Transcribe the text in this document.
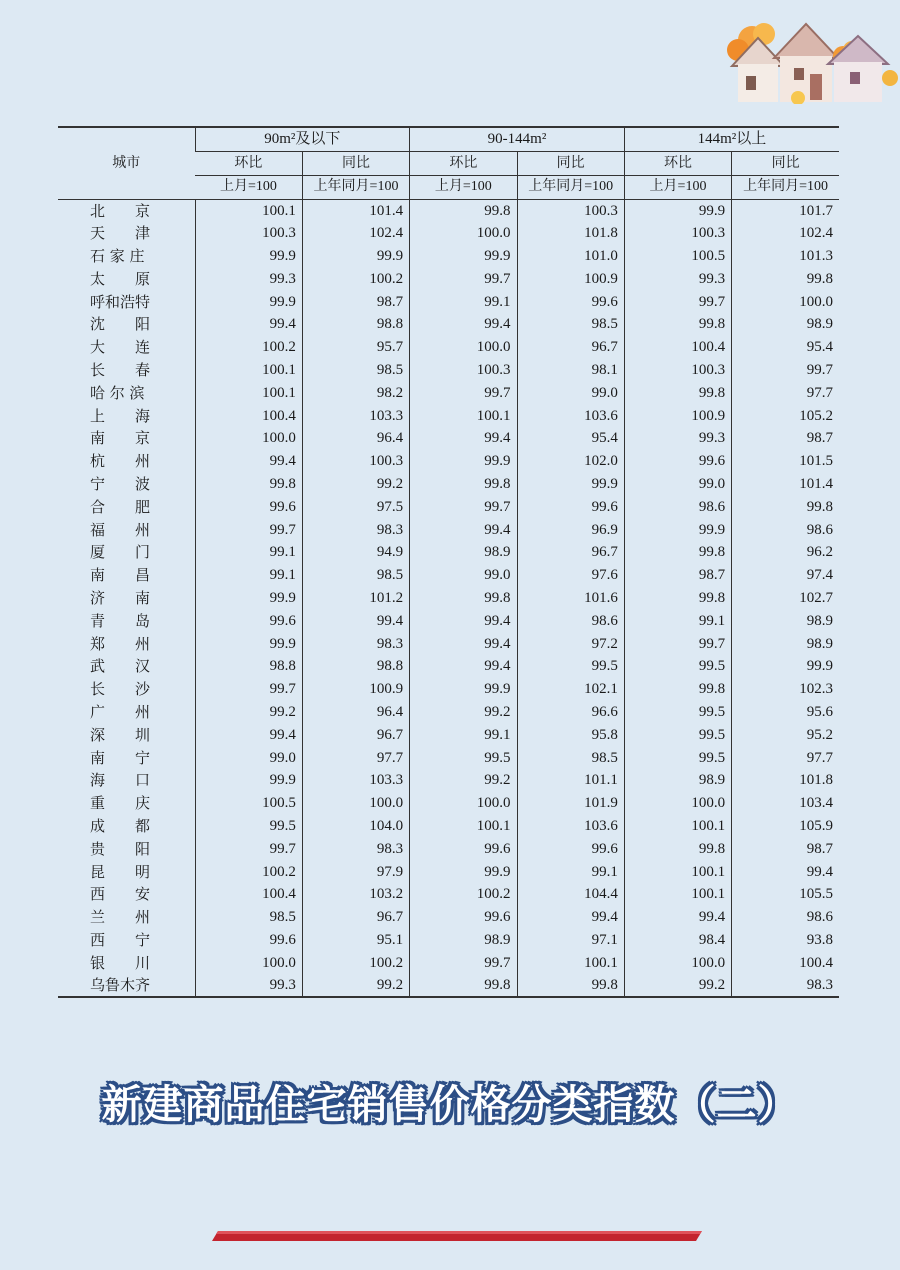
城市	90m²及以下		90-144m²		144m²以上	
	环比	同比	环比	同比	环比	同比
	上月=100	上年同月=100	上月=100	上年同月=100	上月=100	上年同月=100
北　　京	100.1	101.4	99.8	100.3	99.9	101.7
天　　津	100.3	102.4	100.0	101.8	100.3	102.4
石 家 庄	99.9	99.9	99.9	101.0	100.5	101.3
太　　原	99.3	100.2	99.7	100.9	99.3	99.8
呼和浩特	99.9	98.7	99.1	99.6	99.7	100.0
沈　　阳	99.4	98.8	99.4	98.5	99.8	98.9
大　　连	100.2	95.7	100.0	96.7	100.4	95.4
长　　春	100.1	98.5	100.3	98.1	100.3	99.7
哈 尔 滨	100.1	98.2	99.7	99.0	99.8	97.7
上　　海	100.4	103.3	100.1	103.6	100.9	105.2
南　　京	100.0	96.4	99.4	95.4	99.3	98.7
杭　　州	99.4	100.3	99.9	102.0	99.6	101.5
宁　　波	99.8	99.2	99.8	99.9	99.0	101.4
合　　肥	99.6	97.5	99.7	99.6	98.6	99.8
福　　州	99.7	98.3	99.4	96.9	99.9	98.6
厦　　门	99.1	94.9	98.9	96.7	99.8	96.2
南　　昌	99.1	98.5	99.0	97.6	98.7	97.4
济　　南	99.9	101.2	99.8	101.6	99.8	102.7
青　　岛	99.6	99.4	99.4	98.6	99.1	98.9
郑　　州	99.9	98.3	99.4	97.2	99.7	98.9
武　　汉	98.8	98.8	99.4	99.5	99.5	99.9
长　　沙	99.7	100.9	99.9	102.1	99.8	102.3
广　　州	99.2	96.4	99.2	96.6	99.5	95.6
深　　圳	99.4	96.7	99.1	95.8	99.5	95.2
南　　宁	99.0	97.7	99.5	98.5	99.5	97.7
海　　口	99.9	103.3	99.2	101.1	98.9	101.8
重　　庆	100.5	100.0	100.0	101.9	100.0	103.4
成　　都	99.5	104.0	100.1	103.6	100.1	105.9
贵　　阳	99.7	98.3	99.6	99.6	99.8	98.7
昆　　明	100.2	97.9	99.9	99.1	100.1	99.4
西　　安	100.4	103.2	100.2	104.4	100.1	105.5
兰　　州	98.5	96.7	99.6	99.4	99.4	98.6
西　　宁	99.6	95.1	98.9	97.1	98.4	93.8
银　　川	100.0	100.2	99.7	100.1	100.0	100.4
乌鲁木齐	99.3	99.2	99.8	99.8	99.2	98.3
新建商品住宅销售价格分类指数（二）
